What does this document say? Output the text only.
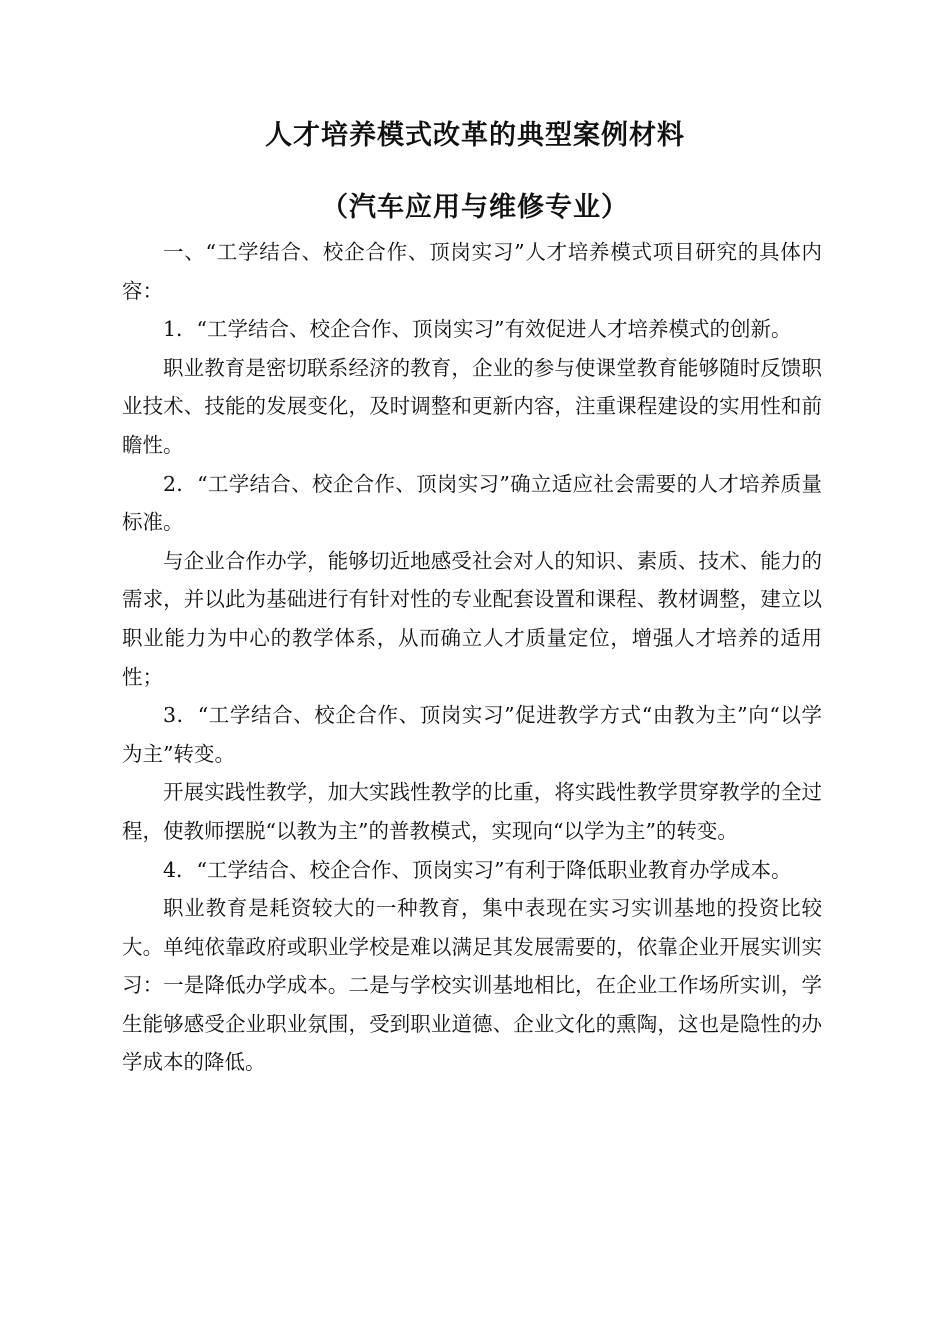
人才培养模式改革的典型案例材料
（汽车应用与维修专业）

一、“工学结合、校企合作、顶岗实习”人才培养模式项目研究的具体内容：

1．“工学结合、校企合作、顶岗实习”有效促进人才培养模式的创新。

职业教育是密切联系经济的教育，企业的参与使课堂教育能够随时反馈职业技术、技能的发展变化，及时调整和更新内容，注重课程建设的实用性和前瞻性。

2．“工学结合、校企合作、顶岗实习”确立适应社会需要的人才培养质量标准。

与企业合作办学，能够切近地感受社会对人的知识、素质、技术、能力的需求，并以此为基础进行有针对性的专业配套设置和课程、教材调整，建立以职业能力为中心的教学体系，从而确立人才质量定位，增强人才培养的适用性；

3．“工学结合、校企合作、顶岗实习”促进教学方式“由教为主”向“以学为主”转变。

开展实践性教学，加大实践性教学的比重，将实践性教学贯穿教学的全过程，使教师摆脱“以教为主”的普教模式，实现向“以学为主”的转变。

4．“工学结合、校企合作、顶岗实习”有利于降低职业教育办学成本。

职业教育是耗资较大的一种教育，集中表现在实习实训基地的投资比较大。单纯依靠政府或职业学校是难以满足其发展需要的，依靠企业开展实训实习：一是降低办学成本。二是与学校实训基地相比，在企业工作场所实训，学生能够感受企业职业氛围，受到职业道德、企业文化的熏陶，这也是隐性的办学成本的降低。
